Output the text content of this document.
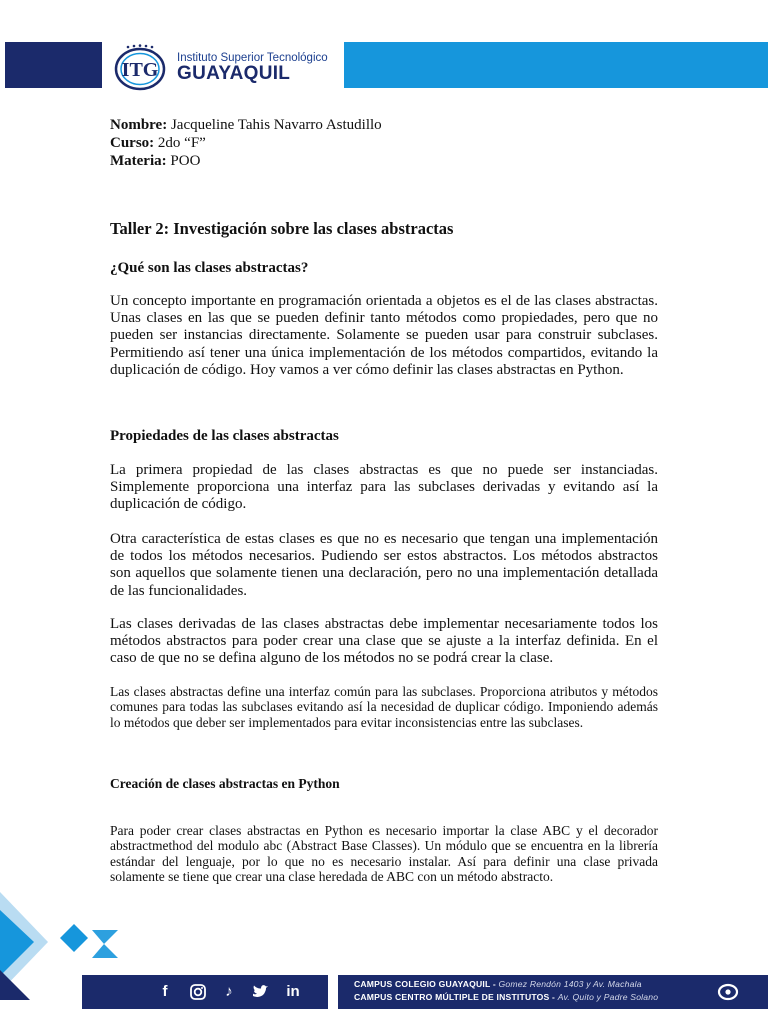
ITG
Instituto Superior Tecnológico
GUAYAQUIL

Nombre: Jacqueline Tahis Navarro Astudillo

Curso: 2do “F”

Materia: POO

Taller 2: Investigación sobre las clases abstractas

¿Qué son las clases abstractas?

Un concepto importante en programación orientada a objetos es el de las clases abstractas. Unas clases en las que se pueden definir tanto métodos como propiedades, pero que no pueden ser instancias directamente. Solamente se pueden usar para construir subclases. Permitiendo así tener una única implementación de los métodos compartidos, evitando la duplicación de código. Hoy vamos a ver cómo definir las clases abstractas en Python.

Propiedades de las clases abstractas

La primera propiedad de las clases abstractas es que no puede ser instanciadas. Simplemente proporciona una interfaz para las subclases derivadas y evitando así la duplicación de código.

Otra característica de estas clases es que no es necesario que tengan una implementación de todos los métodos necesarios. Pudiendo ser estos abstractos. Los métodos abstractos son aquellos que solamente tienen una declaración, pero no una implementación detallada de las funcionalidades.

Las clases derivadas de las clases abstractas debe implementar necesariamente todos los métodos abstractos para poder crear una clase que se ajuste a la interfaz definida. En el caso de que no se defina alguno de los métodos no se podrá crear la clase.

Las clases abstractas define una interfaz común para las subclases. Proporciona atributos y métodos comunes para todas las subclases evitando así la necesidad de duplicar código. Imponiendo además lo métodos que deber ser implementados para evitar inconsistencias entre las subclases.

Creación de clases abstractas en Python

Para poder crear clases abstractas en Python es necesario importar la clase ABC y el decorador abstractmethod del modulo abc (Abstract Base Classes). Un módulo que se encuentra en la librería estándar del lenguaje, por lo que no es necesario instalar. Así para definir una clase privada solamente se tiene que crear una clase heredada de ABC con un método abstracto.

f	♪	in	CAMPUS COLEGIO GUAYAQUIL - Gomez Rendón 1403 y Av. Machala
CAMPUS CENTRO MÚLTIPLE DE INSTITUTOS - Av. Quito y Padre Solano
